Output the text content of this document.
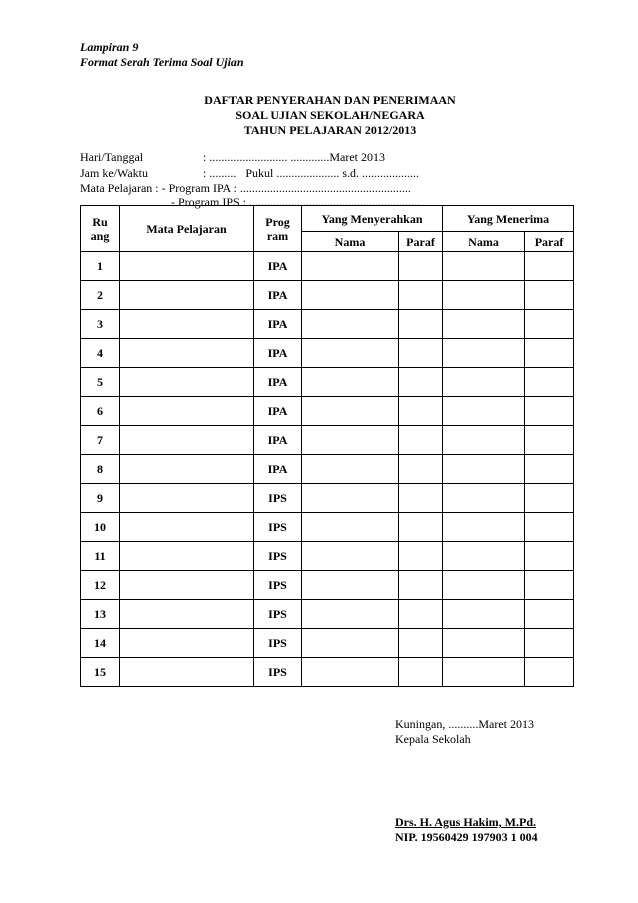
Lampiran 9
Format Serah Terima Soal Ujian
DAFTAR PENYERAHAN DAN PENERIMAAN
SOAL UJIAN SEKOLAH/NEGARA
TAHUN PELAJARAN 2012/2013
Hari/Tanggal	: .......................... .............Maret 2013
Jam ke/Waktu	: .........   Pukul ..................... s.d. ...................
Mata Pelajaran : - Program IPA : .........................................................
- Program IPS : .........................................................
Ru ang	Mata Pelajaran	Prog ram	Yang Menyerahkan		Yang Menerima	
			Nama	Paraf	Nama	Paraf
1		IPA				
2		IPA				
3		IPA				
4		IPA				
5		IPA				
6		IPA				
7		IPA				
8		IPA				
9		IPS				
10		IPS				
11		IPS				
12		IPS				
13		IPS				
14		IPS				
15		IPS				
Kuningan, ..........Maret 2013
Kepala Sekolah
Drs. H. Agus Hakim, M.Pd.
NIP. 19560429 197903 1 004
